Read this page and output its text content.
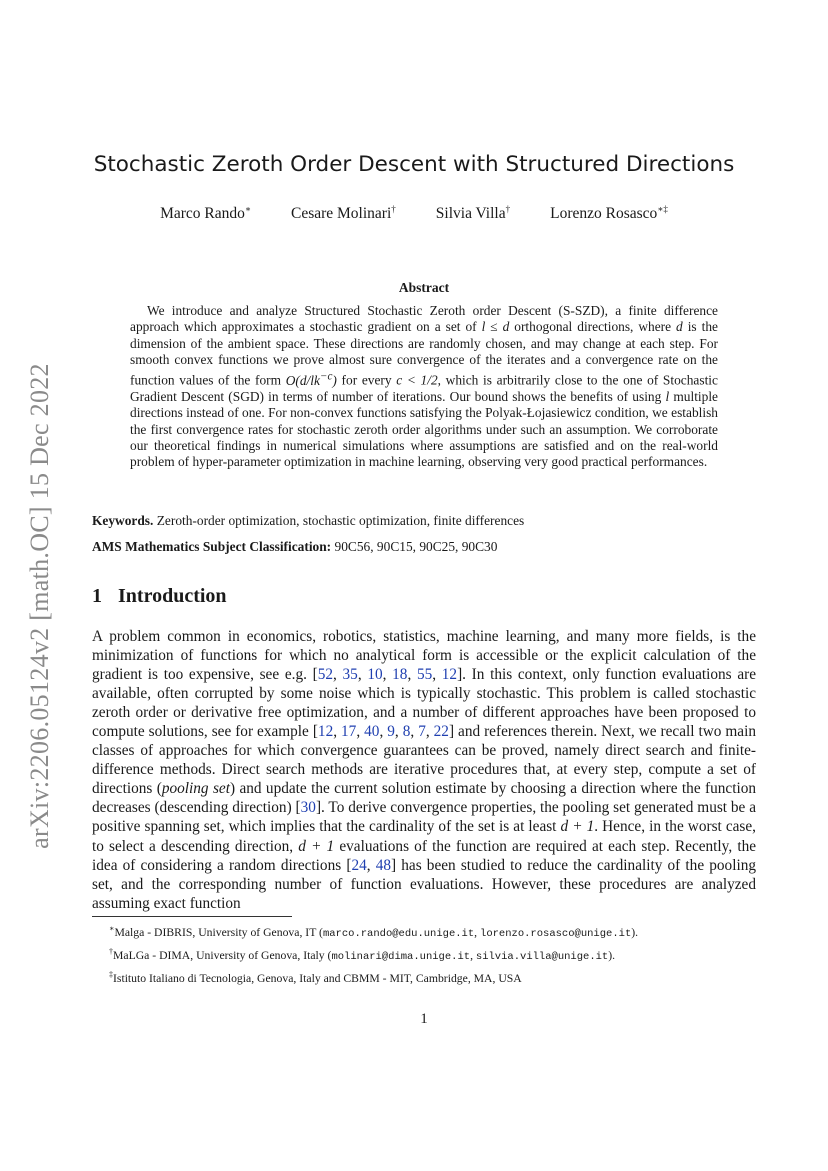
arXiv:2206.05124v2 [math.OC] 15 Dec 2022
Stochastic Zeroth Order Descent with Structured Directions
Marco Rando∗	Cesare Molinari†	Silvia Villa†	Lorenzo Rosasco∗‡
Abstract

We introduce and analyze Structured Stochastic Zeroth order Descent (S-SZD), a finite difference approach which approximates a stochastic gradient on a set of l ≤ d orthogonal directions, where d is the dimension of the ambient space. These directions are randomly chosen, and may change at each step. For smooth convex functions we prove almost sure convergence of the iterates and a convergence rate on the function values of the form $O(d/lk^{-c})$ for every c < 1/2, which is arbitrarily close to the one of Stochastic Gradient Descent (SGD) in terms of number of iterations. Our bound shows the benefits of using l multiple directions instead of one. For non-convex functions satisfying the Polyak-Łojasiewicz condition, we establish the first convergence rates for stochastic zeroth order algorithms under such an assumption. We corroborate our theoretical findings in numerical simulations where assumptions are satisfied and on the real-world problem of hyper-parameter optimization in machine learning, observing very good practical performances.

Keywords. Zeroth-order optimization, stochastic optimization, finite differences
AMS Mathematics Subject Classification: 90C56, 90C15, 90C25, 90C30
1 Introduction

A problem common in economics, robotics, statistics, machine learning, and many more fields, is the minimization of functions for which no analytical form is accessible or the explicit calculation of the gradient is too expensive, see e.g. [52, 35, 10, 18, 55, 12]. In this context, only function evaluations are available, often corrupted by some noise which is typically stochastic. This problem is called stochastic zeroth order or derivative free optimization, and a number of different approaches have been proposed to compute solutions, see for example [12, 17, 40, 9, 8, 7, 22] and references therein. Next, we recall two main classes of approaches for which convergence guarantees can be proved, namely direct search and finite-difference methods. Direct search methods are iterative procedures that, at every step, compute a set of directions (pooling set) and update the current solution estimate by choosing a direction where the function decreases (descending direction) [30]. To derive convergence properties, the pooling set generated must be a positive spanning set, which implies that the cardinality of the set is at least d + 1. Hence, in the worst case, to select a descending direction, d + 1 evaluations of the function are required at each step. Recently, the idea of considering a random directions [24, 48] has been studied to reduce the cardinality of the pooling set, and the corresponding number of function evaluations. However, these procedures are analyzed assuming exact function

∗Malga - DIBRIS, University of Genova, IT (marco.rando@edu.unige.it, lorenzo.rosasco@unige.it).
†MaLGa - DIMA, University of Genova, Italy (molinari@dima.unige.it, silvia.villa@unige.it).
‡Istituto Italiano di Tecnologia, Genova, Italy and CBMM - MIT, Cambridge, MA, USA
1
